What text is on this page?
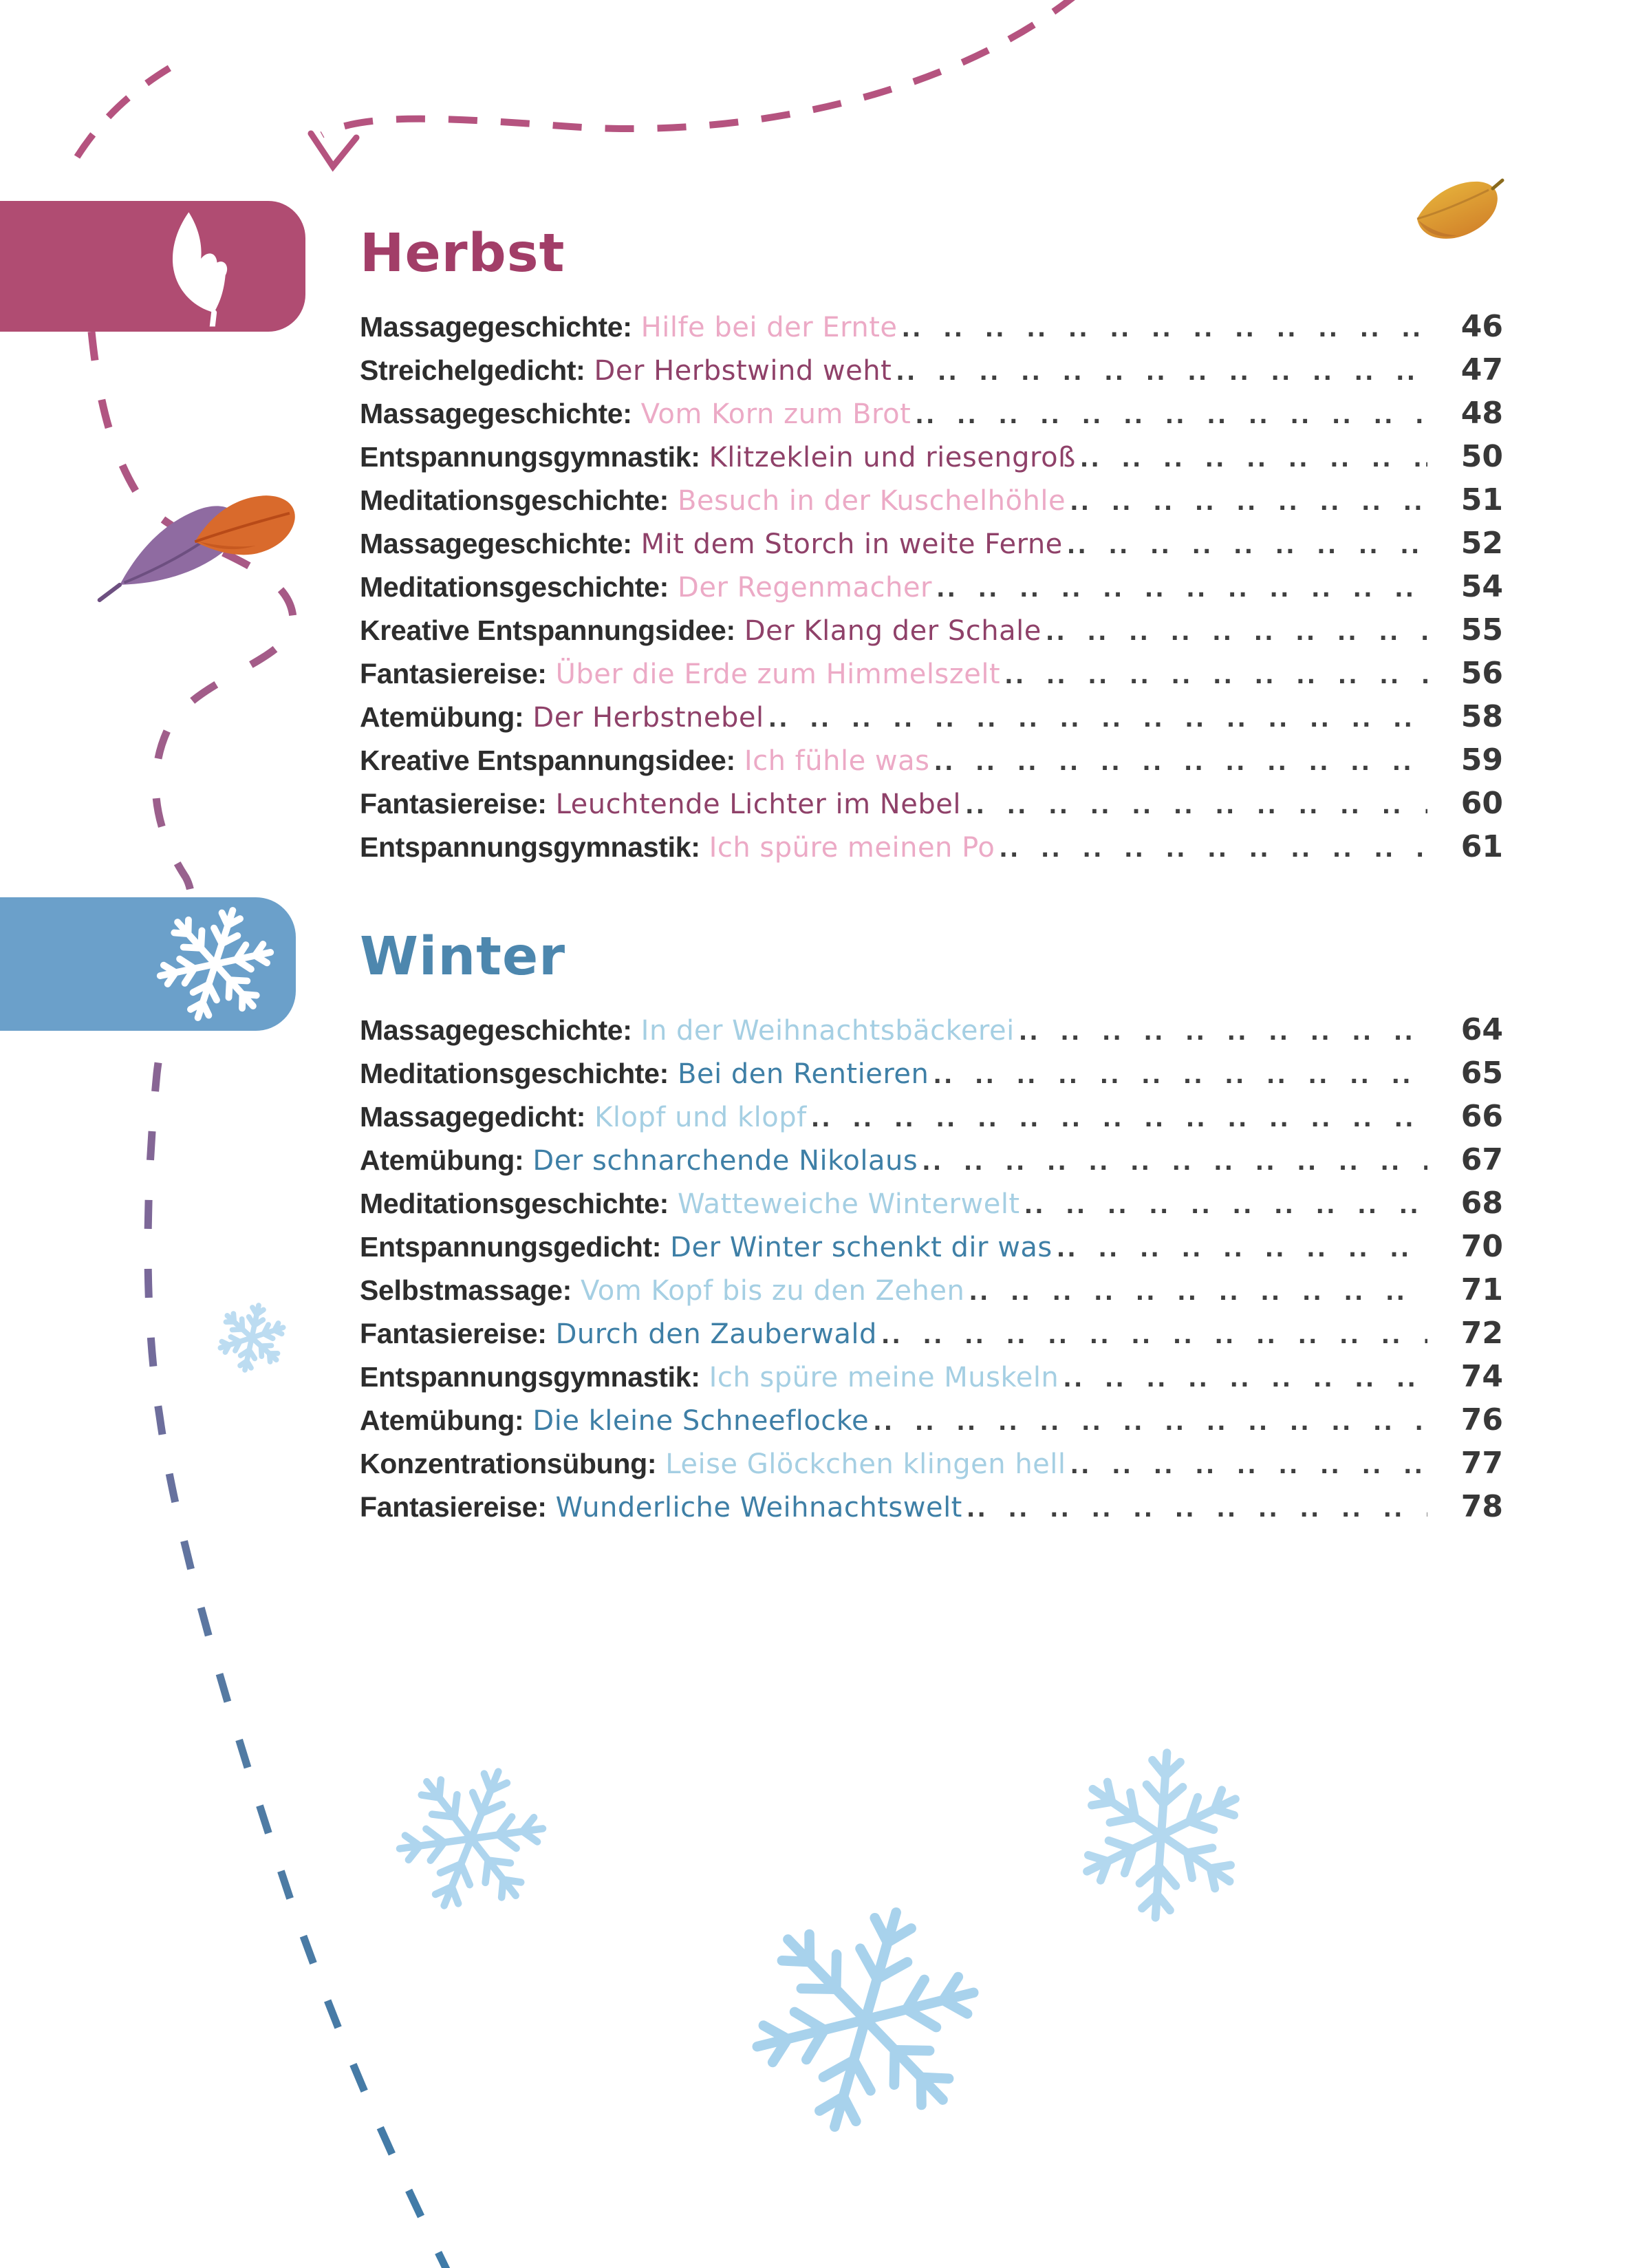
Herbst
Massagegeschichte: Hilfe bei der Ernte .. ..	46
Streichelgedicht: Der Herbstwind weht .. ..	47
Massagegeschichte: Vom Korn zum Brot .. ..	48
Entspannungsgymnastik: Klitzeklein und riesengroß .. ..	50
Meditationsgeschichte: Besuch in der Kuschelhöhle .. ..	51
Massagegeschichte: Mit dem Storch in weite Ferne .. ..	52
Meditationsgeschichte: Der Regenmacher .. ..	54
Kreative Entspannungsidee: Der Klang der Schale .. ..	55
Fantasiereise: Über die Erde zum Himmelszelt .. ..	56
Atemübung: Der Herbstnebel .. ..	58
Kreative Entspannungsidee: Ich fühle was .. ..	59
Fantasiereise: Leuchtende Lichter im Nebel .. ..	60
Entspannungsgymnastik: Ich spüre meinen Po .. ..	61
Winter
Massagegeschichte: In der Weihnachtsbäckerei .. ..	64
Meditationsgeschichte: Bei den Rentieren .. ..	65
Massagegedicht: Klopf und klopf .. ..	66
Atemübung: Der schnarchende Nikolaus .. ..	67
Meditationsgeschichte: Watteweiche Winterwelt .. ..	68
Entspannungsgedicht: Der Winter schenkt dir was .. ..	70
Selbstmassage: Vom Kopf bis zu den Zehen .. ..	71
Fantasiereise: Durch den Zauberwald .. ..	72
Entspannungsgymnastik: Ich spüre meine Muskeln .. ..	74
Atemübung: Die kleine Schneeflocke .. ..	76
Konzentrationsübung: Leise Glöckchen klingen hell .. ..	77
Fantasiereise: Wunderliche Weihnachtswelt .. ..	78
